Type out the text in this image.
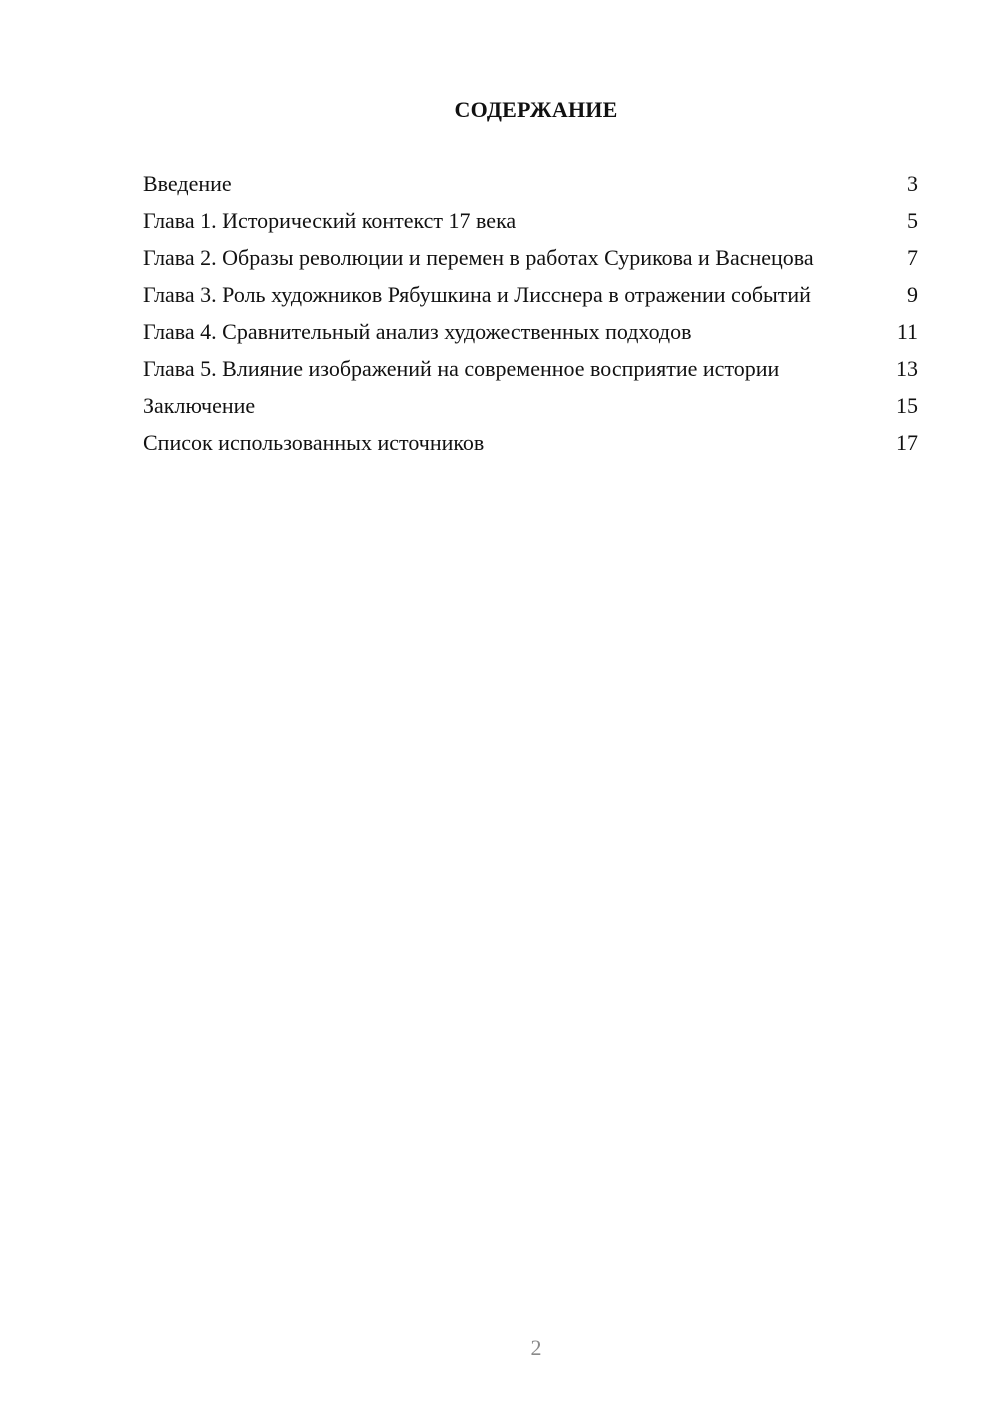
СОДЕРЖАНИЕ
Введение	3
Глава 1. Исторический контекст 17 века	5
Глава 2. Образы революции и перемен в работах Сурикова и Васнецова	7
Глава 3. Роль художников Рябушкина и Лисснера в отражении событий	9
Глава 4. Сравнительный анализ художественных подходов	11
Глава 5. Влияние изображений на современное восприятие истории	13
Заключение	15
Список использованных источников	17
2
